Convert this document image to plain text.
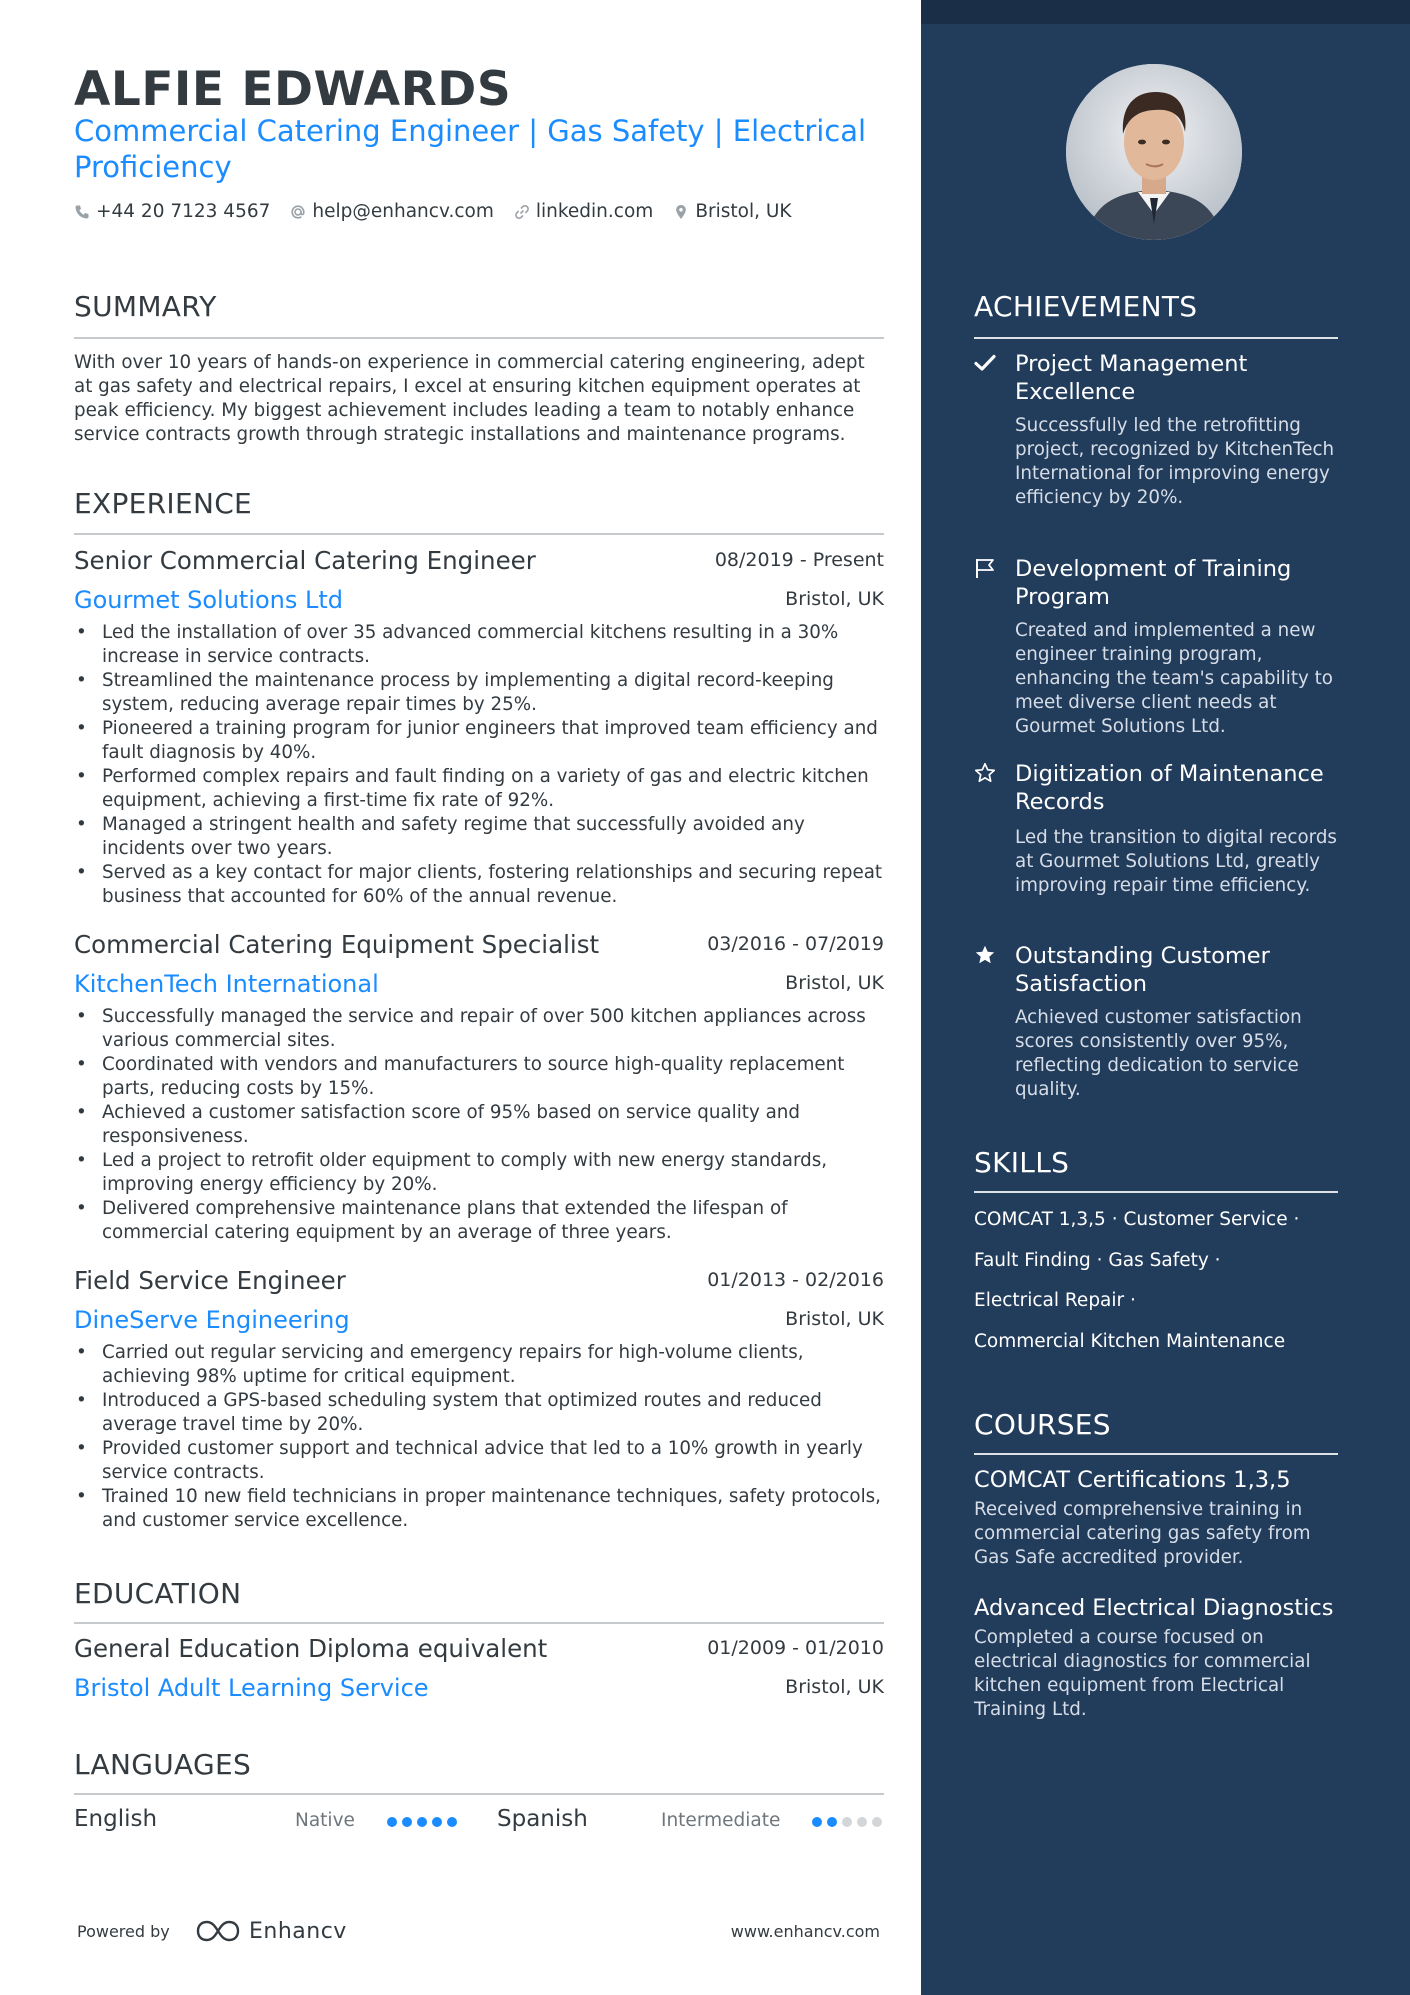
ALFIE EDWARDS
Commercial Catering Engineer | Gas Safety | Electrical Proficiency
+44 20 7123 4567 help@enhancv.com linkedin.com Bristol, UK
SUMMARY
With over 10 years of hands-on experience in commercial catering engineering, adept at gas safety and electrical repairs, I excel at ensuring kitchen equipment operates at peak efficiency. My biggest achievement includes leading a team to notably enhance service contracts growth through strategic installations and maintenance programs.
EXPERIENCE
Senior Commercial Catering Engineer	08/2019 - Present
Gourmet Solutions Ltd	Bristol, UK
• Led the installation of over 35 advanced commercial kitchens resulting in a 30% increase in service contracts.
• Streamlined the maintenance process by implementing a digital record-keeping system, reducing average repair times by 25%.
• Pioneered a training program for junior engineers that improved team efficiency and fault diagnosis by 40%.
• Performed complex repairs and fault finding on a variety of gas and electric kitchen equipment, achieving a first-time fix rate of 92%.
• Managed a stringent health and safety regime that successfully avoided any incidents over two years.
• Served as a key contact for major clients, fostering relationships and securing repeat business that accounted for 60% of the annual revenue.
Commercial Catering Equipment Specialist	03/2016 - 07/2019
KitchenTech International	Bristol, UK
• Successfully managed the service and repair of over 500 kitchen appliances across various commercial sites.
• Coordinated with vendors and manufacturers to source high-quality replacement parts, reducing costs by 15%.
• Achieved a customer satisfaction score of 95% based on service quality and responsiveness.
• Led a project to retrofit older equipment to comply with new energy standards, improving energy efficiency by 20%.
• Delivered comprehensive maintenance plans that extended the lifespan of commercial catering equipment by an average of three years.
Field Service Engineer	01/2013 - 02/2016
DineServe Engineering	Bristol, UK
• Carried out regular servicing and emergency repairs for high-volume clients, achieving 98% uptime for critical equipment.
• Introduced a GPS-based scheduling system that optimized routes and reduced average travel time by 20%.
• Provided customer support and technical advice that led to a 10% growth in yearly service contracts.
• Trained 10 new field technicians in proper maintenance techniques, safety protocols, and customer service excellence.
EDUCATION
General Education Diploma equivalent	01/2009 - 01/2010
Bristol Adult Learning Service	Bristol, UK
LANGUAGES
English	Native	Spanish	Intermediate
Powered by	Enhancv	www.enhancv.com
ACHIEVEMENTS
Project Management Excellence
Successfully led the retrofitting project, recognized by KitchenTech International for improving energy efficiency by 20%.
Development of Training Program
Created and implemented a new engineer training program, enhancing the team's capability to meet diverse client needs at Gourmet Solutions Ltd.
Digitization of Maintenance Records
Led the transition to digital records at Gourmet Solutions Ltd, greatly improving repair time efficiency.
Outstanding Customer Satisfaction
Achieved customer satisfaction scores consistently over 95%, reflecting dedication to service quality.
SKILLS
COMCAT 1,3,5 · Customer Service ·
Fault Finding · Gas Safety ·
Electrical Repair ·
Commercial Kitchen Maintenance
COURSES
COMCAT Certifications 1,3,5
Received comprehensive training in commercial catering gas safety from Gas Safe accredited provider.
Advanced Electrical Diagnostics
Completed a course focused on electrical diagnostics for commercial kitchen equipment from Electrical Training Ltd.
